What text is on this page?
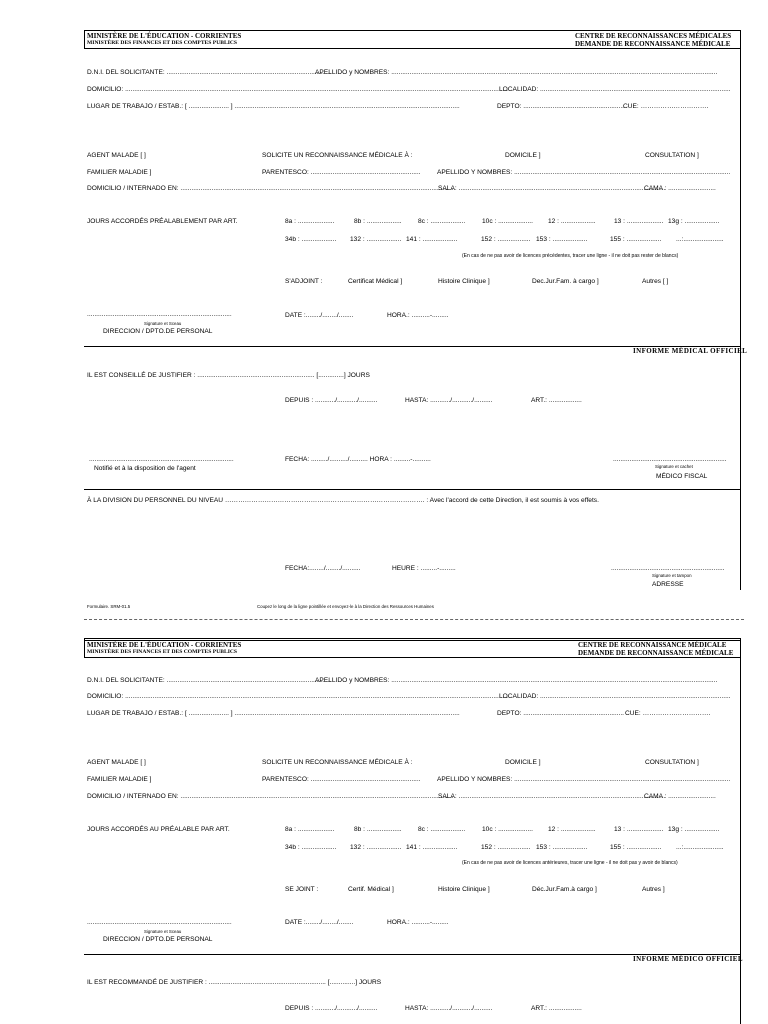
MINISTÈRE DE L'ÉDUCATION - CORRIENTES
MINISTÈRE DES FINANCES ET DES COMPTES PUBLICS
CENTRE DE RECONNAISSANCES MÉDICALES
DEMANDE DE RECONNAISSANCE MÉDICALE
D.N.I. DEL SOLICITANTE: ..........................................................................................
APELLIDO y NOMBRES: ..................................................................................................................................................................................
DOMICILIO: .................................................................................................................................................................................................................
LOCALIDAD: ........................................................................................................
LUGAR DE TRABAJO / ESTAB.: [ ...................... ] ...........................................................................................................................	DEPTO: .......................................................
CUE: ………………………….
AGENT MALADE [ ]	SOLICITE UN RECONNAISSANCE MÉDICALE À :	DOMICILE ]	CONSULTATION ]
FAMILIER MALADIE ]	PARENTESCO: ............................................................ APELLIDO Y NOMBRES: ......................................................................................................................
DOMICILIO / INTERNADO EN: .....................................................................................................................................................
SALA: .................................................................................................................
CAMA : ..........................
JOURS ACCORDÉS PRÉALABLEMENT PAR ART.	8a : ....................	8b : ................... 8c : ...................	10c : ................... 12 : ...................	13 : .................... 13g : ...................
34b : ................... 132 : ................... 141 : ...................	152 : .................. 153 : ...................	155 : ................... ...:......................
(En cas de ne pas avoir de licences précédentes, tracer une ligne - il ne doit pas rester de blancs)
S'ADJOINT :	Certificat Médical ]	Histoire Clinique ]	Dec.Jur.Fam. à cargo ]	Autres [ ]
...............................................................................
Signature et Sceau
DIRECCION / DPTO.DE PERSONAL
DATE :......../......../........	HORA.: ..........-.........
INFORME MÉDICAL OFFICIEL
IL EST CONSEILLÉ DE JUSTIFIER : ................................................................ [..............] JOURS
DEPUIS : .........../.........../..........	HASTA: .........../.........../..........	ART.: ..................
...............................................................................
Notifié et à la disposition de l'agent
FECHA: ........./........../.......... HORA : .........-..........	..............................................................
Signature et cachet
MÉDICO FISCAL
À LA DIVISION DU PERSONNEL DU NIVEAU ………………………………………………………………………………. : Avec l'accord de cette Direction, il est soumis à vos effets.
FECHA:......../......../..........	HEURE : .........-.........	..............................................................
Signature et tampon
ADRESSE
Formulaire. SRM-01.5	Coupez le long de la ligne pointillée et envoyez-le à la Direction des Ressources Humaines
MINISTÈRE DE L'ÉDUCATION - CORRIENTES
MINISTÈRE DES FINANCES ET DES COMPTES PUBLICS
CENTRE DE RECONNAISSANCE MÉDICALE
DEMANDE DE RECONNAISSANCE MÉDICALE
D.N.I. DEL SOLICITANTE: ..........................................................................................
APELLIDO y NOMBRES: ..................................................................................................................................................................................
DOMICILIO: .................................................................................................................................................................................................................
LOCALIDAD: ........................................................................................................
LUGAR DE TRABAJO / ESTAB.: [ ...................... ] ...........................................................................................................................	DEPTO: ....................................................... CUE: ………………………….
AGENT MALADE [ ]	SOLICITE UN RECONNAISSANCE MÉDICALE À :	DOMICILE ]	CONSULTATION ]
FAMILIER MALADIE ]	PARENTESCO: ............................................................ APELLIDO Y NOMBRES: ......................................................................................................................
DOMICILIO / INTERNADO EN: .....................................................................................................................................................
SALA: .................................................................................................................
CAMA : ..........................
JOURS ACCORDÉS AU PRÉALABLE PAR ART.	8a : ....................	8b : ................... 8c : ...................	10c : ................... 12 : ...................	13 : .................... 13g : ...................
34b : ................... 132 : ................... 141 : ...................	152 : .................. 153 : ...................	155 : ................... ...:......................
(En cas de ne pas avoir de licences antérieures, tracer une ligne - il ne doit pas y avoir de blancs)
SE JOINT :	Certif. Médical ]	Histoire Clinique ]	Déc.Jur.Fam.à cargo ]	Autres ]
...............................................................................
Signature et Sceau
DIRECCION / DPTO.DE PERSONAL
DATE :......../......../........	HORA.: ..........-.........
INFORME MÉDICO OFFICIEL
IL EST RECOMMANDÉ DE JUSTIFIER : ................................................................ [..............] JOURS
DEPUIS : .........../.........../..........	HASTA: .........../.........../..........	ART.: ..................
